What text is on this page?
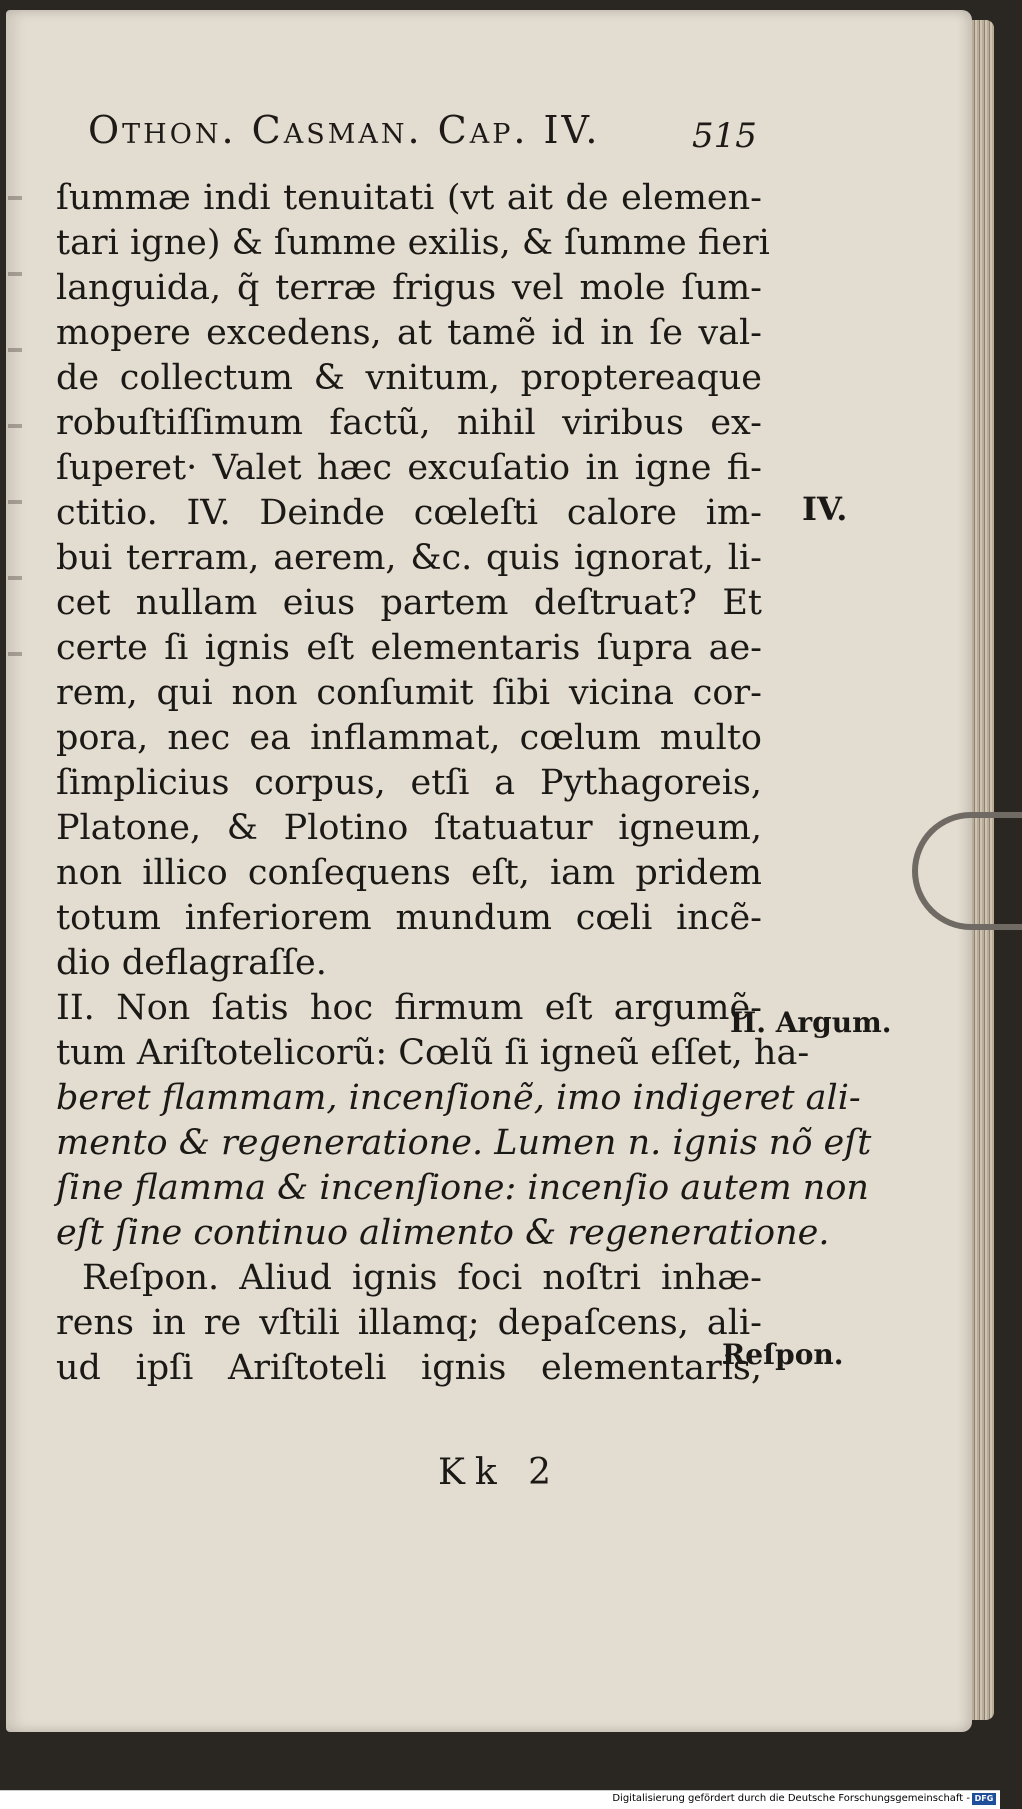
Othon. Casman. Cap. IV.	515
ſummæ indi tenuitati (vt ait de elemen-
tari igne) & ſumme exilis, & ſumme fieri
languida, q̃ terræ frigus vel mole ſum-
mopere excedens, at tamẽ id in ſe val-
de collectum & vnitum, proptereaque
robuſtiſſimum factũ, nihil viribus ex-
ſuperet· Valet hæc excuſatio in igne fi-
ctitio. IV. Deinde cœleſti calore im-
bui terram, aerem, &c. quis ignorat, li-
cet nullam eius partem deſtruat? Et
certe ſi ignis eſt elementaris ſupra ae-
rem, qui non conſumit ſibi vicina cor-
pora, nec ea inflammat, cœlum multo
ſimplicius corpus, etſi a Pythagoreis,
Platone, & Plotino ſtatuatur igneum,
non illico conſequens eſt, iam pridem
totum inferiorem mundum cœli incẽ-
dio deflagraſſe.
II. Non ſatis hoc firmum eſt argumẽ-
tum Ariſtotelicorũ: Cœlũ ſi igneũ eſſet, ha-
beret flammam, incenſionẽ, imo indigeret ali-
mento & regeneratione. Lumen n. ignis nõ eſt
ſine flamma & incenſione: incenſio autem non
eſt ſine continuo alimento & regeneratione.
Reſpon. Aliud ignis foci noſtri inhæ-
rens in re vſtili illamq; depaſcens, ali-
ud ipſi Ariſtoteli ignis elementaris,
IV.
II. Argum.
Reſpon.
Kk 2
Digitalisierung gefördert durch die Deutsche Forschungsgemeinschaft - DFG
